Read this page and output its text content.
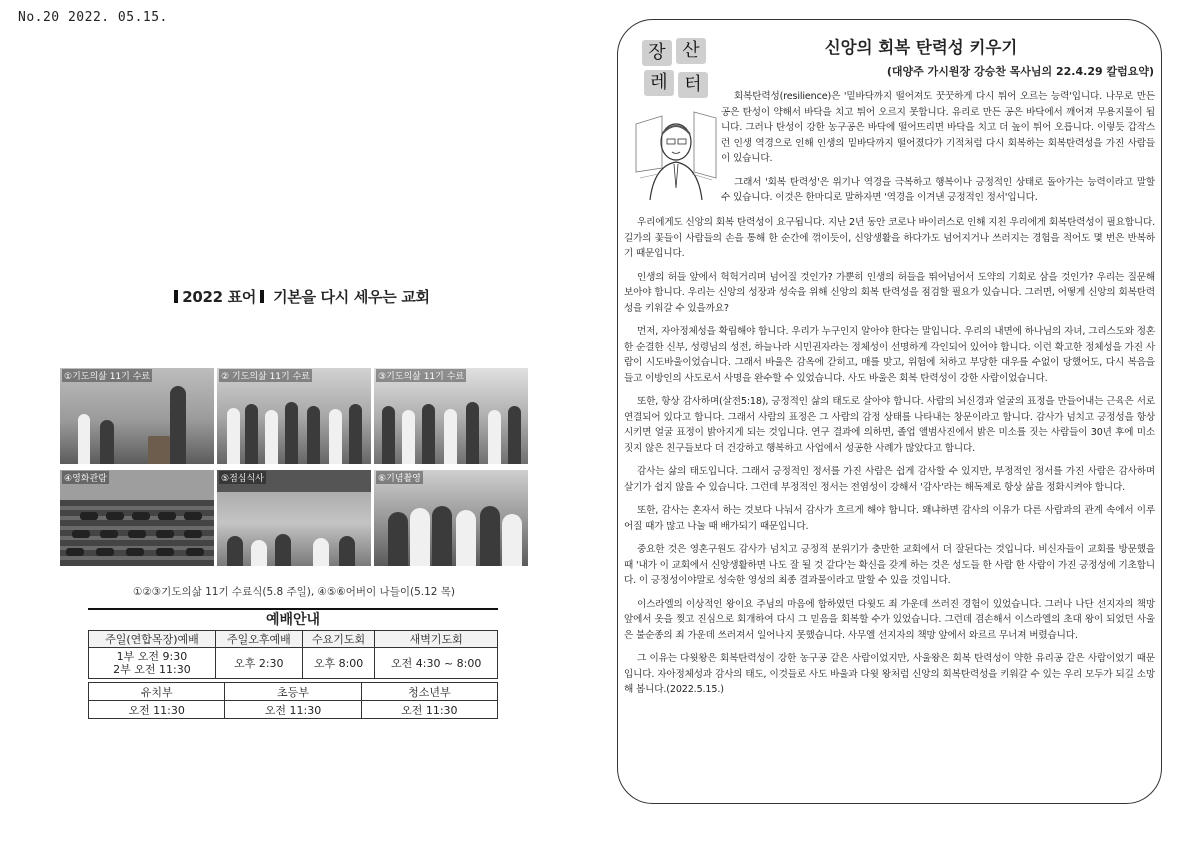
No.20 2022. 05.15.
2022 표어 기본을 다시 세우는 교회
①기도의삶 11기 수료	② 기도의삶 11기 수료	③기도의삶 11기 수료
④영화관람	⑤점심식사	⑥기념촬영
①②③기도의삶 11기 수료식(5.8 주일), ④⑤⑥어버이 나들이(5.12 목)
예배안내
주일(연합목장)예배	주일오후예배	수요기도회	새벽기도회
1부 오전 9:30
2부 오전 11:30	오후 2:30	오후 8:00	오전 4:30 ~ 8:00
유치부	초등부	청소년부
오전 11:30	오전 11:30	오전 11:30
장 산
레 터
신앙의 회복 탄력성 키우기
(대양주 가시원장 강승찬 목사님의 22.4.29 칼럼요약)

회복탄력성(resilience)은 '밑바닥까지 떨어져도 꿋꿋하게 다시 튀어 오르는 능력'입니다. 나무로 만든 공은 탄성이 약해서 바닥을 치고 튀어 오르지 못합니다. 유리로 만든 공은 바닥에서 깨어져 무용지물이 됩니다. 그러나 탄성이 강한 농구공은 바닥에 떨어뜨리면 바닥을 치고 더 높이 튀어 오릅니다. 이렇듯 갑작스런 인생 역경으로 인해 인생의 밑바닥까지 떨어졌다가 기적처럼 다시 회복하는 회복탄력성을 가진 사람들이 있습니다.

그래서 '회복 탄력성'은 위기나 역경을 극복하고 행복이나 긍정적인 상태로 돌아가는 능력이라고 말할 수 있습니다. 이것은 한마디로 말하자면 '역경을 이겨낸 긍정적인 정서'입니다.

우리에게도 신앙의 회복 탄력성이 요구됩니다. 지난 2년 동안 코로나 바이러스로 인해 지친 우리에게 회복탄력성이 필요합니다. 길가의 꽃들이 사람들의 손을 통해 한 순간에 꺾이듯이, 신앙생활을 하다가도 넘어지거나 쓰러지는 경험을 적어도 몇 번은 반복하기 때문입니다.

인생의 허들 앞에서 헉헉거리며 넘어질 것인가? 가뿐히 인생의 허들을 뛰어넘어서 도약의 기회로 삼을 것인가? 우리는 질문해 보아야 합니다. 우리는 신앙의 성장과 성숙을 위해 신앙의 회복 탄력성을 점검할 필요가 있습니다. 그러면, 어떻게 신앙의 회복탄력성을 키워갈 수 있을까요?

먼저, 자아정체성을 확립해야 합니다. 우리가 누구인지 알아야 한다는 말입니다. 우리의 내면에 하나님의 자녀, 그리스도와 정혼한 순결한 신부, 성령님의 성전, 하늘나라 시민권자라는 정체성이 선명하게 각인되어 있어야 합니다. 이런 확고한 정체성을 가진 사람이 시도바울이었습니다. 그래서 바울은 감옥에 갇히고, 매를 맞고, 위험에 처하고 부당한 대우를 수없이 당했어도, 다시 복음을 들고 이방인의 사도로서 사명을 완수할 수 있었습니다. 사도 바울은 회복 탄력성이 강한 사람이었습니다.

또한, 항상 감사하며(살전5:18), 긍정적인 삶의 태도로 살아야 합니다. 사람의 뇌신경과 얼굴의 표정을 만들어내는 근육은 서로 연결되어 있다고 합니다. 그래서 사람의 표정은 그 사람의 감정 상태를 나타내는 창문이라고 합니다. 감사가 넘치고 긍정성을 항상시키면 얼굴 표정이 밝아지게 되는 것입니다. 연구 결과에 의하면, 졸업 앨범사진에서 밝은 미소를 짓는 사람들이 30년 후에 미소 짓지 않은 친구들보다 더 건강하고 행복하고 사업에서 성공한 사례가 많았다고 합니다.

감사는 삶의 태도입니다. 그래서 긍정적인 정서를 가진 사람은 쉽게 감사할 수 있지만, 부정적인 정서를 가진 사람은 감사하며 살기가 쉽지 않을 수 있습니다. 그런데 부정적인 정서는 전염성이 강해서 '감사'라는 해독제로 항상 삶을 정화시켜야 합니다.

또한, 감사는 혼자서 하는 것보다 나눠서 감사가 흐르게 해야 합니다. 왜냐하면 감사의 이유가 다른 사람과의 관계 속에서 이루어질 때가 많고 나눌 때 배가되기 때문입니다.

중요한 것은 영혼구원도 감사가 넘치고 긍정적 분위기가 충만한 교회에서 더 잘된다는 것입니다. 비신자들이 교회를 방문했을 때 '내가 이 교회에서 신앙생활하면 나도 잘 될 것 같다'는 확신을 갖게 하는 것은 성도들 한 사람 한 사람이 가진 긍정성에 기초합니다. 이 긍정성이야말로 성숙한 영성의 최종 결과물이라고 말할 수 있을 것입니다.

이스라엘의 이상적인 왕이요 주님의 마음에 합하였던 다윗도 죄 가운데 쓰러진 경험이 있었습니다. 그러나 나단 선지자의 책망 앞에서 옷을 찢고 진심으로 회개하여 다시 그 믿음을 회복할 수가 있었습니다. 그런데 겸손해서 이스라엘의 초대 왕이 되었던 사울은 불순종의 죄 가운데 쓰러져서 일어나지 못했습니다. 사무엘 선지자의 책망 앞에서 와르르 무너져 버렸습니다.

그 이유는 다윗왕은 회복탄력성이 강한 농구공 같은 사람이었지만, 사울왕은 회복 탄력성이 약한 유리공 같은 사람이었기 때문입니다. 자아정체성과 감사의 태도, 이것들로 사도 바울과 다윗 왕처럼 신앙의 회복탄력성을 키워갈 수 있는 우리 모두가 되길 소망해 봅니다.(2022.5.15.)
